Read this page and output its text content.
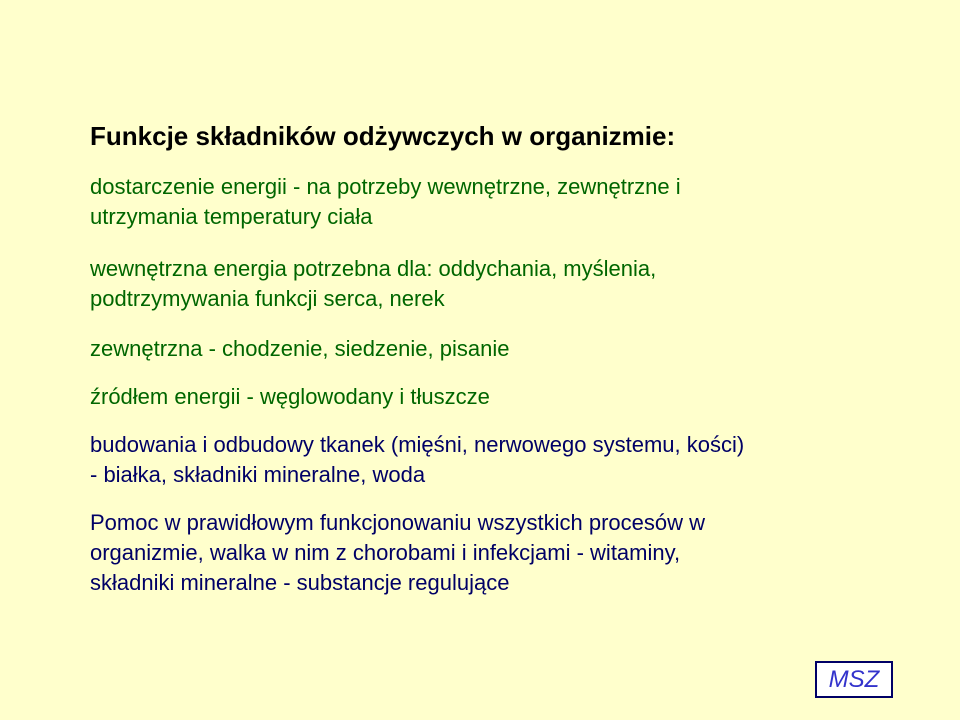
Funkcje składników odżywczych w organizmie:

dostarczenie energii - na potrzeby wewnętrzne, zewnętrzne i
utrzymania temperatury ciała

wewnętrzna energia potrzebna dla: oddychania, myślenia,
podtrzymywania funkcji serca, nerek

zewnętrzna - chodzenie, siedzenie, pisanie

źródłem energii - węglowodany i tłuszcze

budowania i odbudowy tkanek (mięśni, nerwowego systemu, kości)
- białka, składniki mineralne, woda

Pomoc w prawidłowym funkcjonowaniu wszystkich procesów w
organizmie, walka w nim z chorobami i infekcjami - witaminy,
składniki mineralne - substancje regulujące

MSZ
